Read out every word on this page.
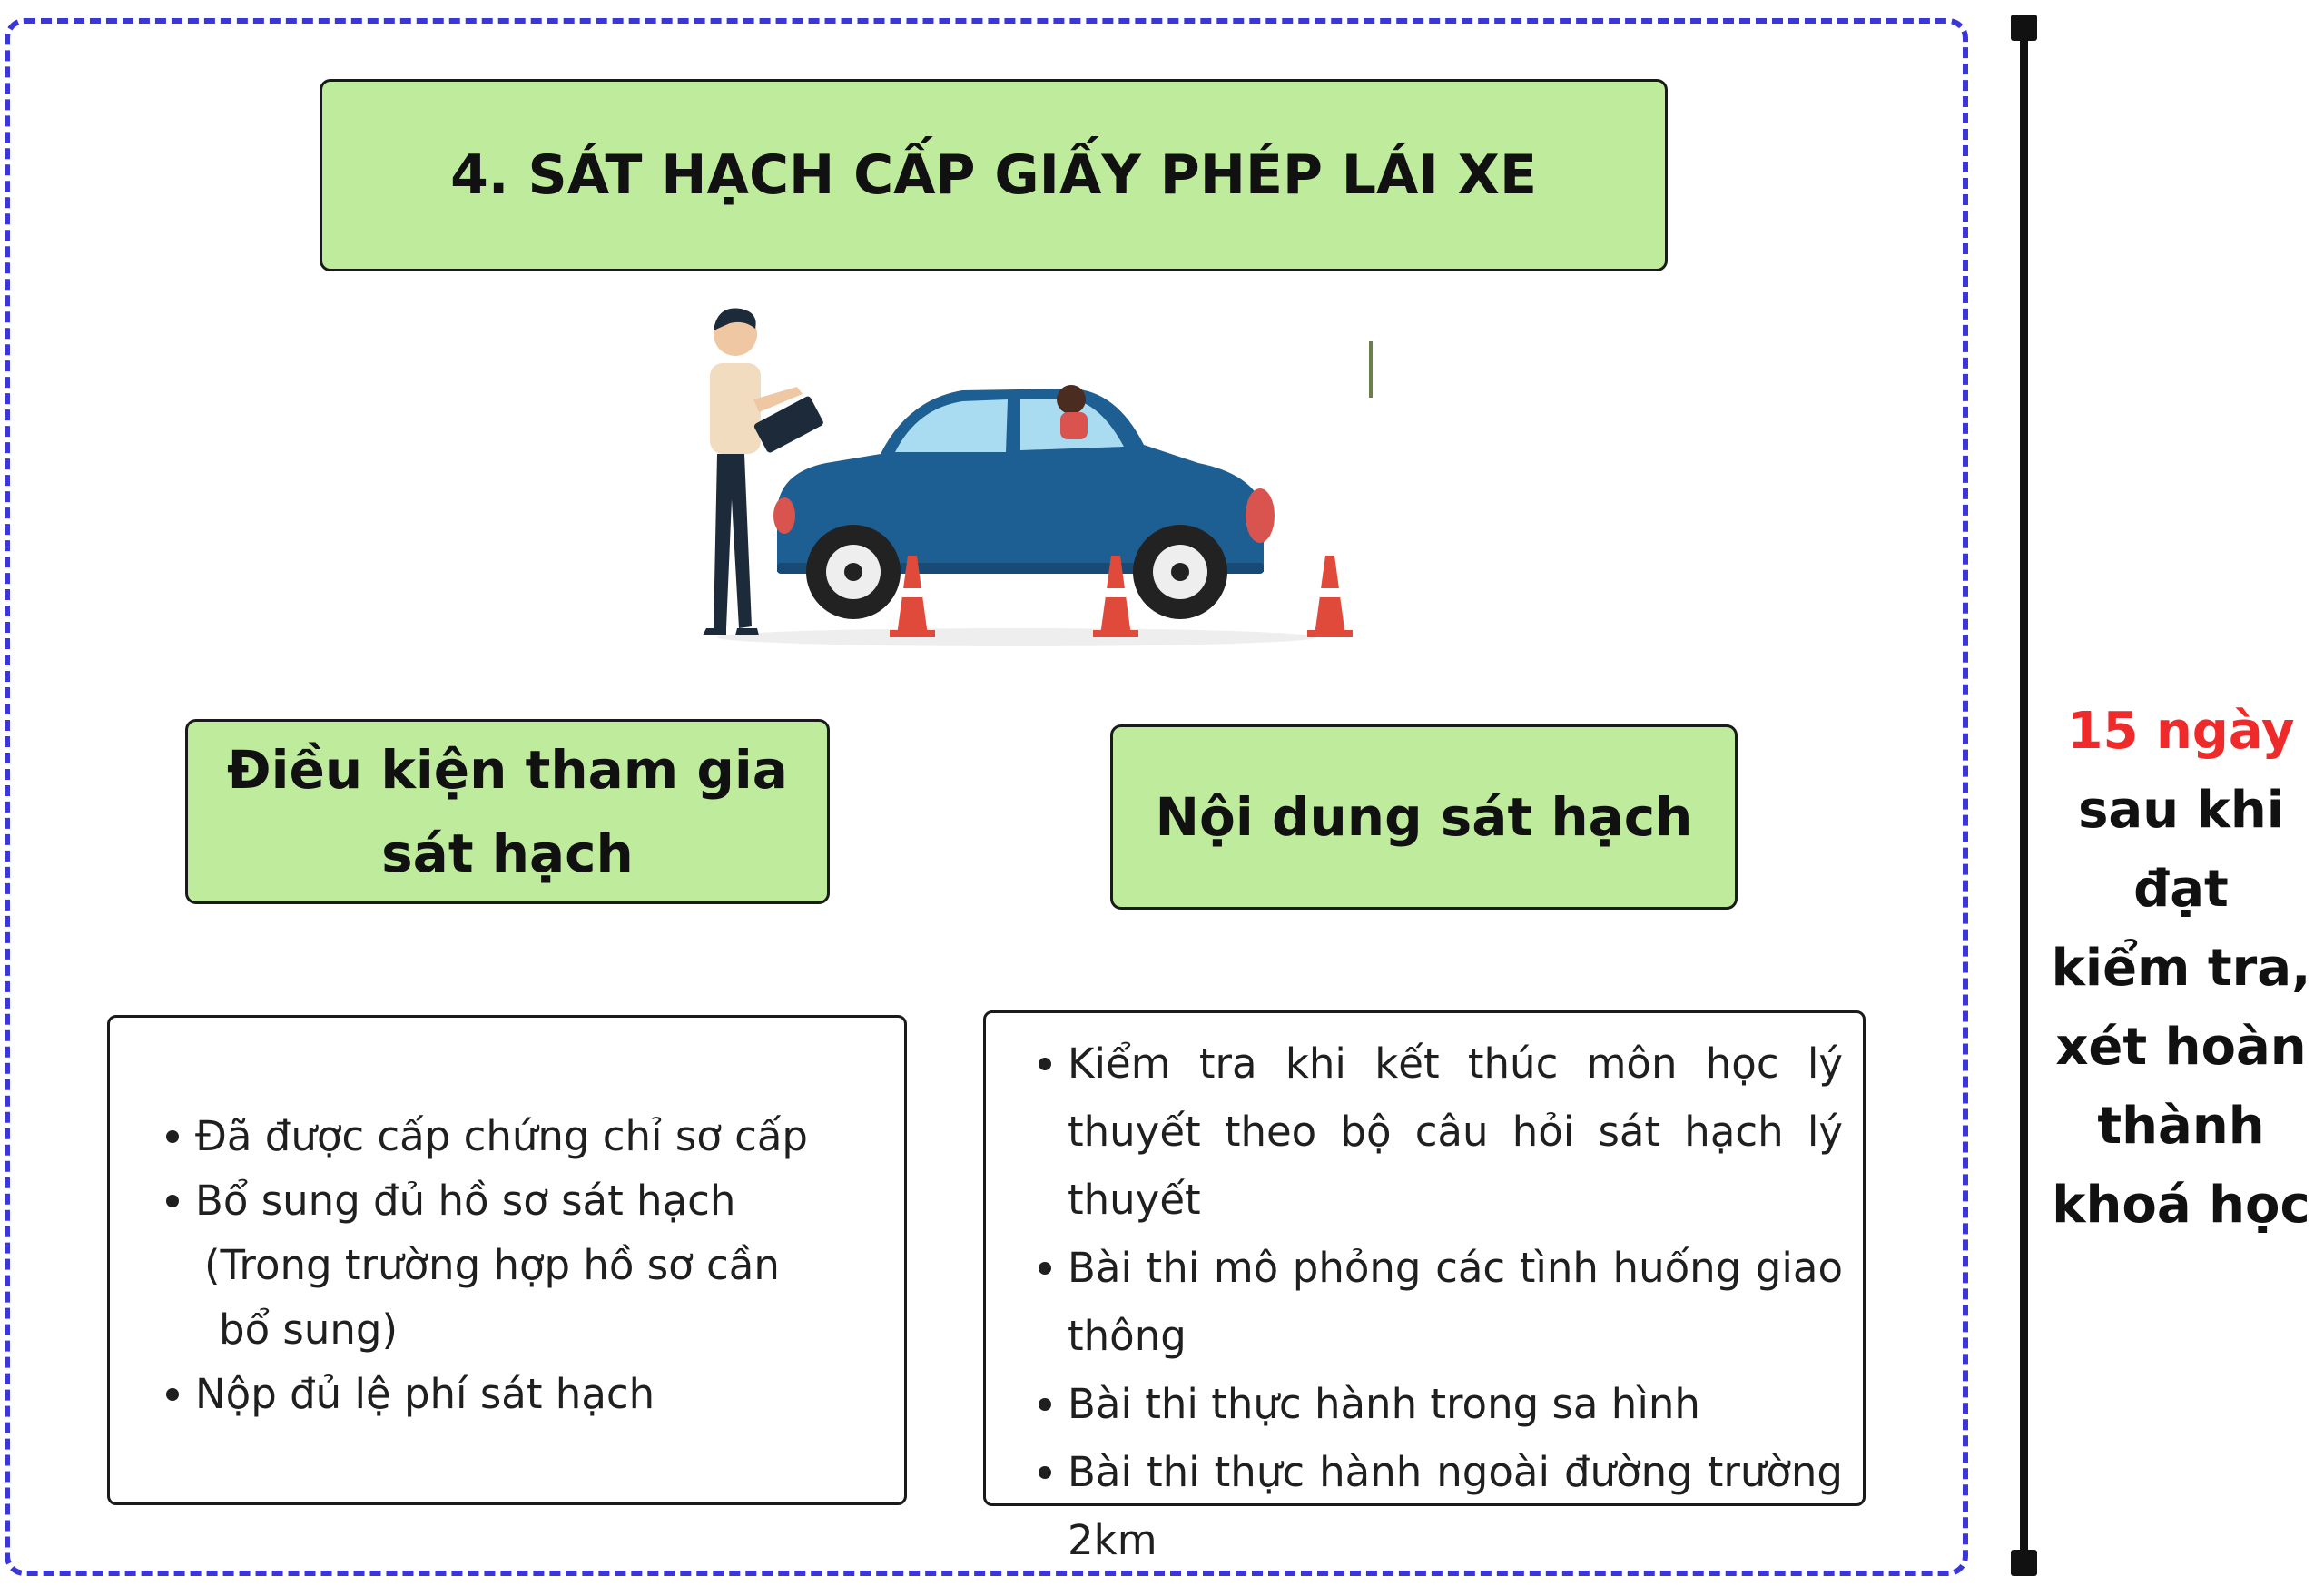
4. SÁT HẠCH CẤP GIẤY PHÉP LÁI XE
Điều kiện tham gia
sát hạch
Nội dung sát hạch
Đã được cấp chứng chỉ sơ cấp
Bổ sung đủ hồ sơ sát hạch
(Trong trường hợp hồ sơ cần
bổ sung)
Nộp đủ lệ phí sát hạch
Kiểm tra khi kết thúc môn học lý thuyết theo bộ câu hỏi sát hạch lý thuyết
Bài thi mô phỏng các tình huống giao thông
Bài thi thực hành trong sa hình
Bài thi thực hành ngoài đường trường 2km
15 ngày
sau khi
đạt
kiểm tra,
xét hoàn
thành
khoá học
